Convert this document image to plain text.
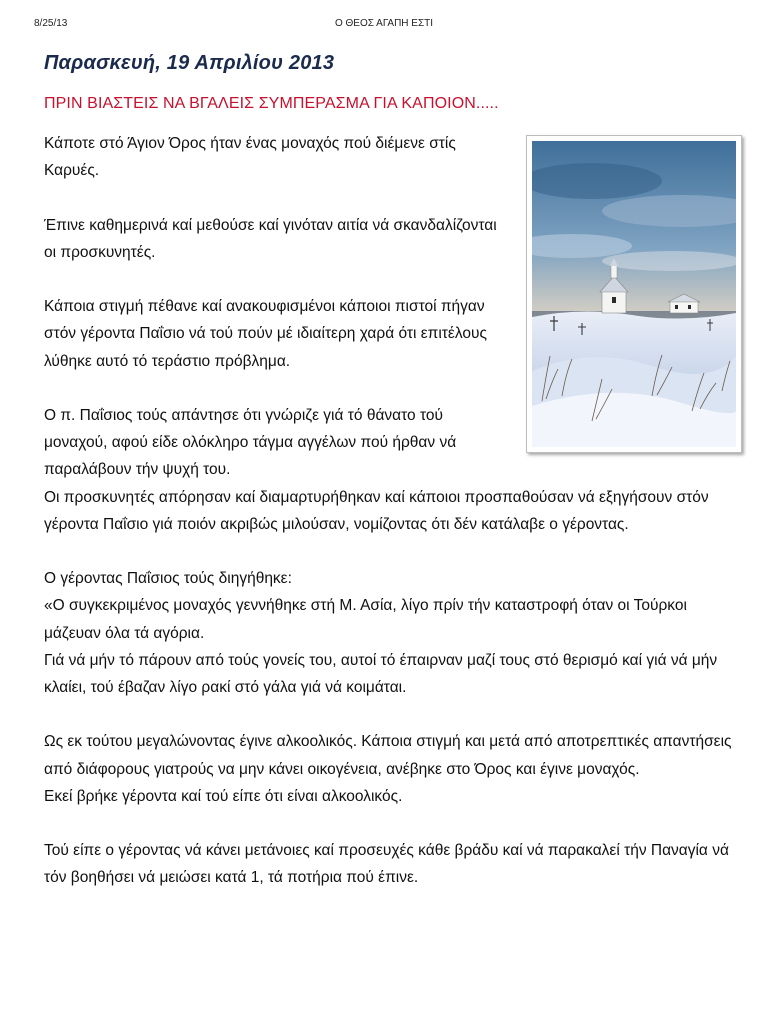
8/25/13	Ο ΘΕΟΣ ΑΓΑΠΗ ΕΣΤΙ
Παρασκευή, 19 Απριλίου 2013
ΠΡΙΝ ΒΙΑΣΤΕΙΣ ΝΑ ΒΓΑΛΕΙΣ ΣΥΜΠΕΡΑΣΜΑ ΓΙΑ ΚΑΠΟΙΟΝ.....

Κάποτε στό Άγιον Όρος ήταν ένας μοναχός πού διέμενε στίς Καρυές.

Έπινε καθημερινά καί μεθούσε καί γινόταν αιτία νά σκανδαλίζονται οι προσκυνητές.

Κάποια στιγμή πέθανε καί ανακουφισμένοι κάποιοι πιστοί πήγαν στόν γέροντα Παΐσιο νά τού πούν μέ ιδιαίτερη χαρά ότι επιτέλους λύθηκε αυτό τό τεράστιο πρόβλημα.

Ο π. Παΐσιος τούς απάντησε ότι γνώριζε γιά τό θάνατο τού μοναχού, αφού είδε ολόκληρο τάγμα αγγέλων πού ήρθαν νά παραλάβουν τήν ψυχή του.
Οι προσκυνητές απόρησαν καί διαμαρτυρήθηκαν καί κάποιοι προσπαθούσαν νά εξηγήσουν στόν γέροντα Παΐσιο γιά ποιόν ακριβώς μιλούσαν, νομίζοντας ότι δέν κατάλαβε ο γέροντας.

Ο γέροντας Παΐσιος τούς διηγήθηκε:
«Ο συγκεκριμένος μοναχός γεννήθηκε στή Μ. Ασία, λίγο πρίν τήν καταστροφή όταν οι Τούρκοι μάζευαν όλα τά αγόρια.
Γιά νά μήν τό πάρουν από τούς γονείς του, αυτοί τό έπαιρναν μαζί τους στό θερισμό καί γιά νά μήν κλαίει, τού έβαζαν λίγο ρακί στό γάλα γιά νά κοιμάται.

Ως εκ τούτου μεγαλώνοντας έγινε αλκοολικός. Κάποια στιγμή και μετά από αποτρεπτικές απαντήσεις από διάφορους γιατρούς να μην κάνει οικογένεια, ανέβηκε στο Όρος και έγινε μοναχός.
Εκεί βρήκε γέροντα καί τού είπε ότι είναι αλκοολικός.

Τού είπε ο γέροντας νά κάνει μετάνοιες καί προσευχές κάθε βράδυ καί νά παρακαλεί τήν Παναγία νά τόν βοηθήσει νά μειώσει κατά 1, τά ποτήρια πού έπινε.
